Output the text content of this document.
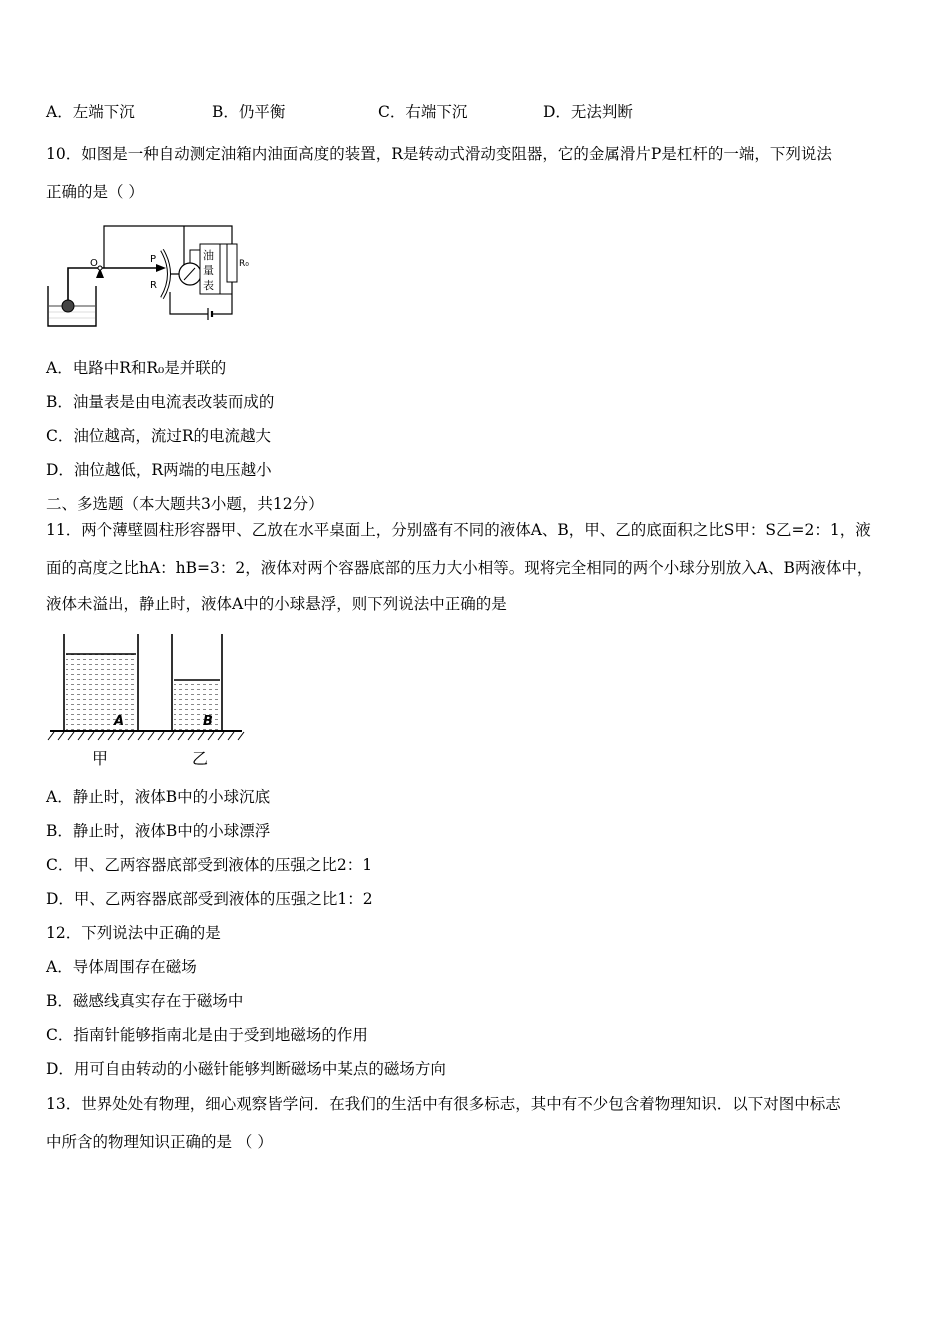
A．左端下沉	B．仍平衡	C．右端下沉	D．无法判断
10．如图是一种自动测定油箱内油面高度的装置，R是转动式滑动变阻器，它的金属滑片P是杠杆的一端，下列说法
正确的是（ ）
O	P
R
油
量
表
R₀
A．电路中R和R₀是并联的
B．油量表是由电流表改装而成的
C．油位越高，流过R的电流越大
D．油位越低，R两端的电压越小
二、多选题（本大题共3小题，共12分）
11．两个薄壁圆柱形容器甲、乙放在水平桌面上，分别盛有不同的液体A、B，甲、乙的底面积之比S甲：S乙=2：1，液
面的高度之比hA：hB=3：2，液体对两个容器底部的压力大小相等。现将完全相同的两个小球分别放入A、B两液体中，
液体未溢出，静止时，液体A中的小球悬浮，则下列说法中正确的是
A	B
甲	乙
A．静止时，液体B中的小球沉底
B．静止时，液体B中的小球漂浮
C．甲、乙两容器底部受到液体的压强之比2：1
D．甲、乙两容器底部受到液体的压强之比1：2
12．下列说法中正确的是
A．导体周围存在磁场
B．磁感线真实存在于磁场中
C．指南针能够指南北是由于受到地磁场的作用
D．用可自由转动的小磁针能够判断磁场中某点的磁场方向
13．世界处处有物理，细心观察皆学问．在我们的生活中有很多标志，其中有不少包含着物理知识．以下对图中标志
中所含的物理知识正确的是 （ ）
